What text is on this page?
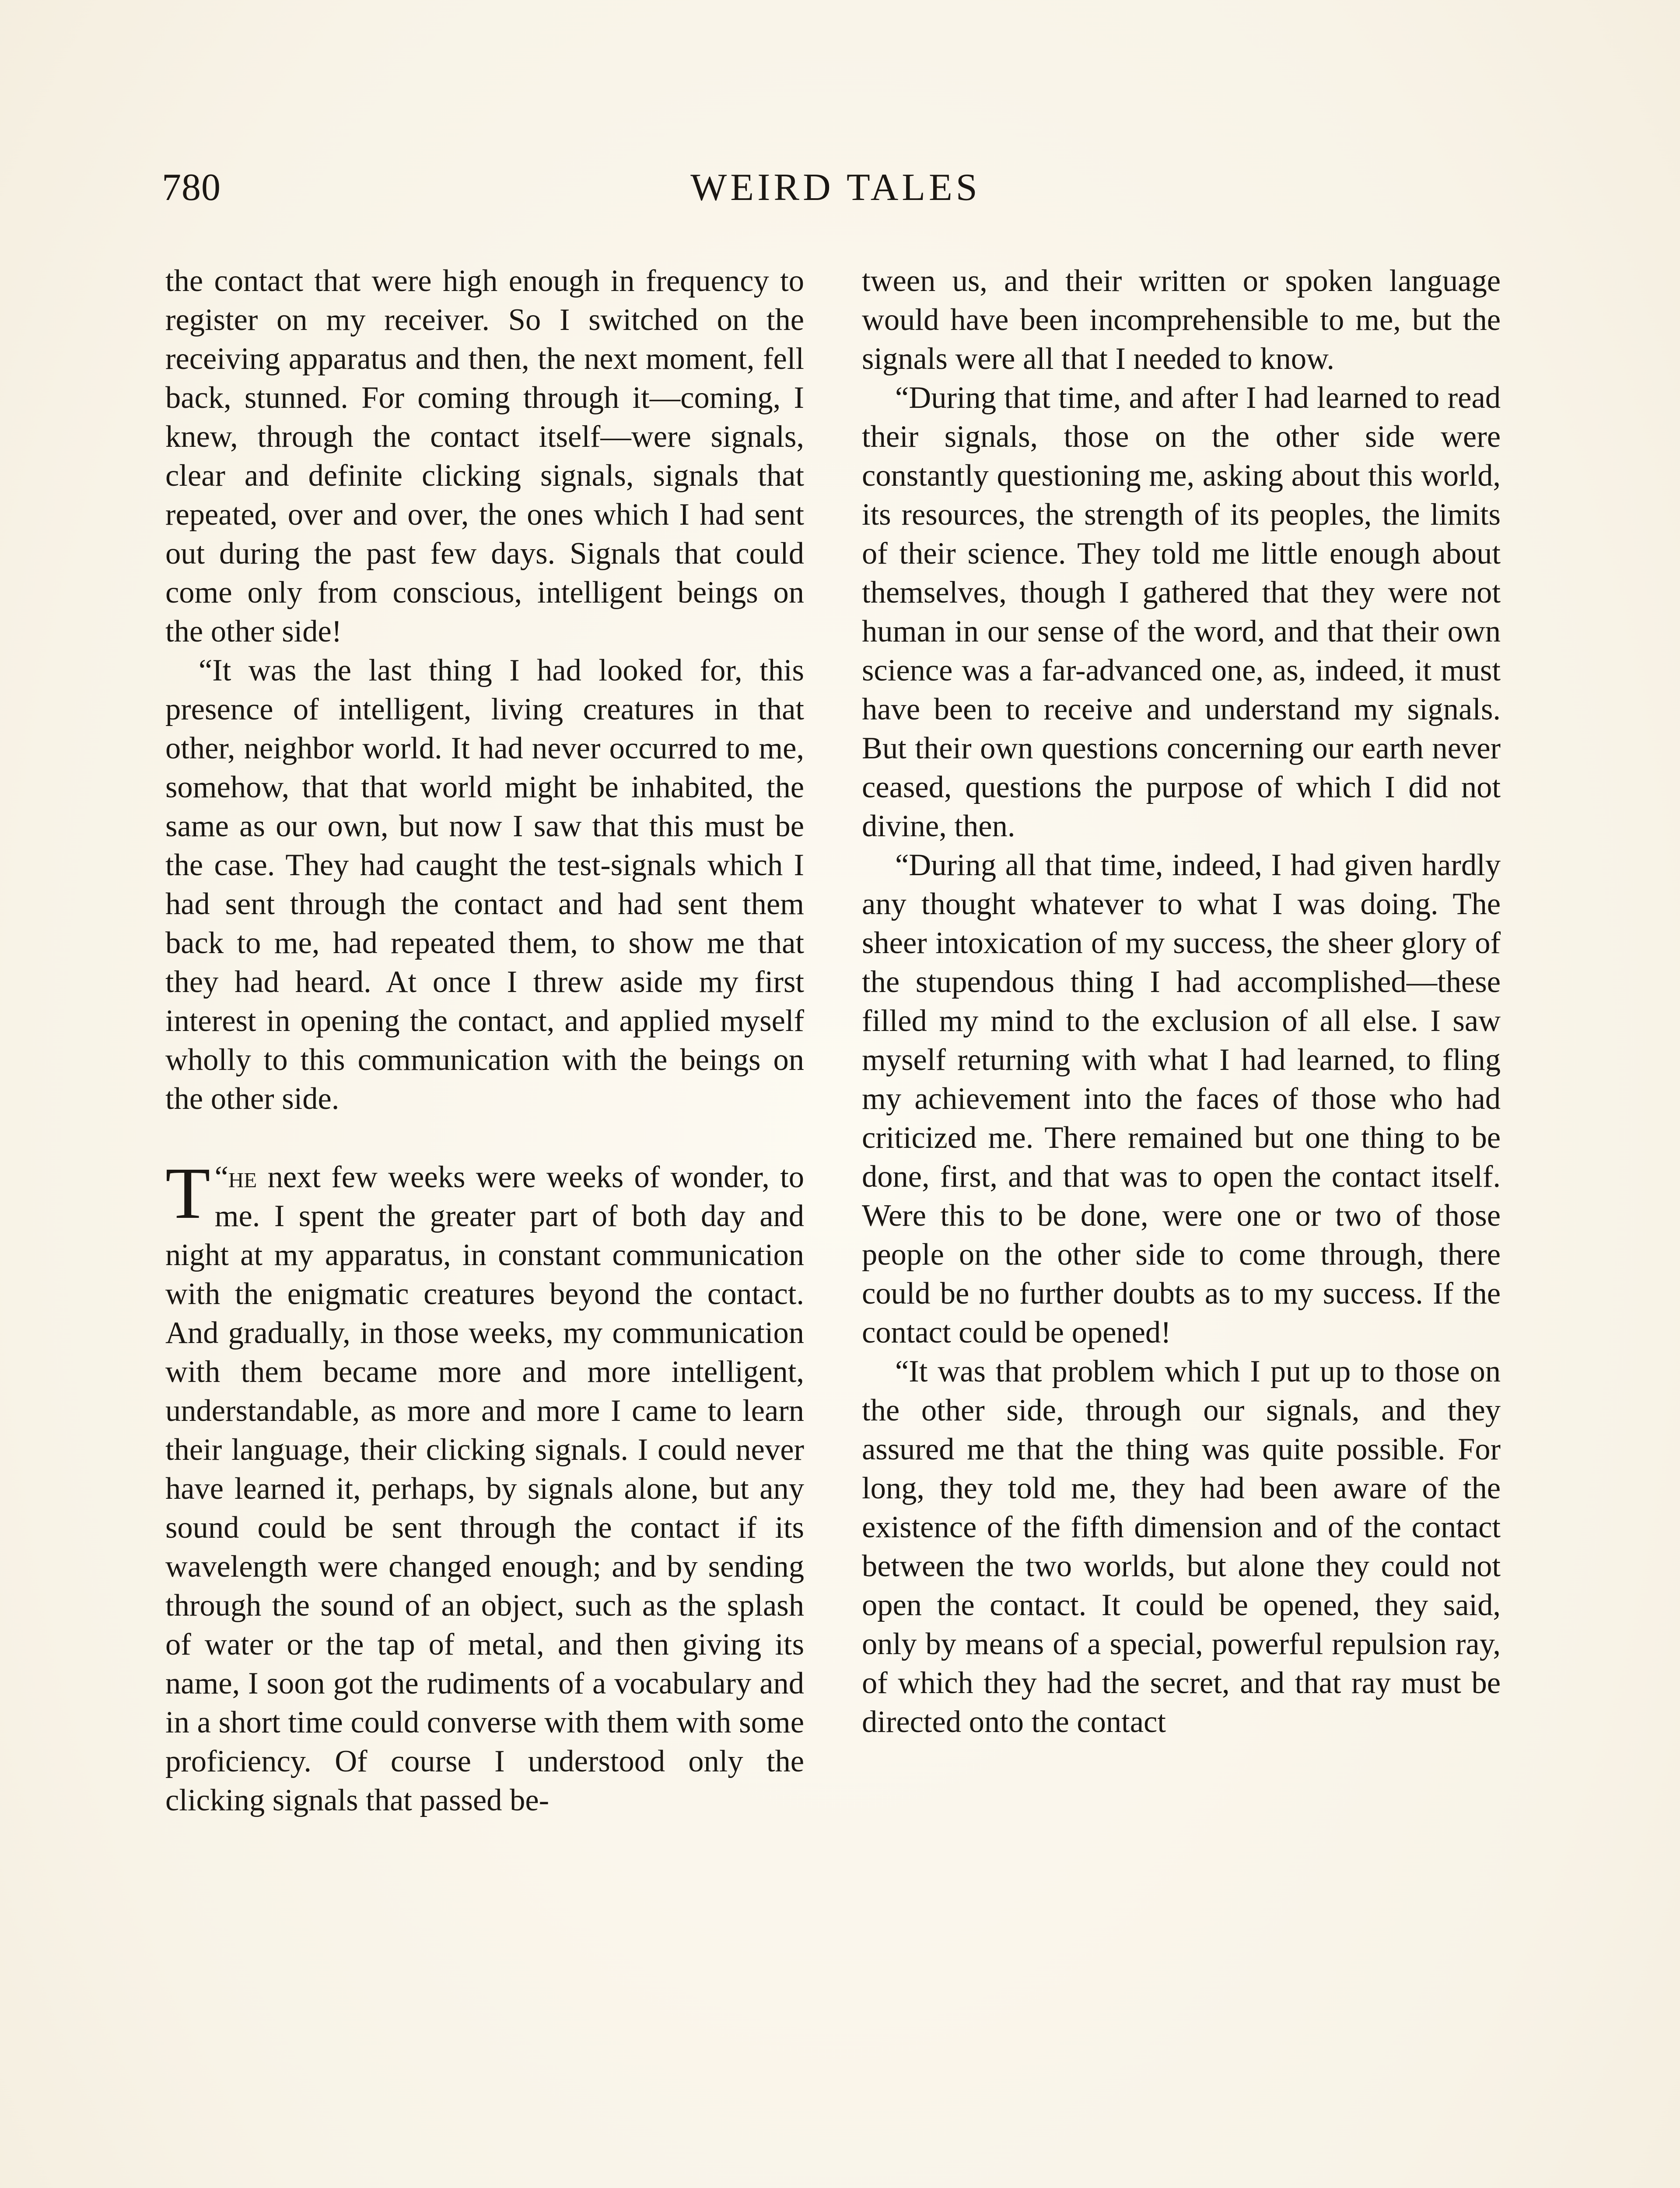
780	WEIRD TALES

the contact that were high enough in frequency to register on my receiver. So I switched on the receiving apparatus and then, the next moment, fell back, stunned. For coming through it—coming, I knew, through the contact itself—were signals, clear and definite clicking signals, signals that repeated, over and over, the ones which I had sent out during the past few days. Signals that could come only from conscious, intelligent beings on the other side!

“It was the last thing I had looked for, this presence of intelligent, living creatures in that other, neighbor world. It had never occurred to me, somehow, that that world might be inhabited, the same as our own, but now I saw that this must be the case. They had caught the test-signals which I had sent through the contact and had sent them back to me, had repeated them, to show me that they had heard. At once I threw aside my first interest in opening the contact, and applied myself wholly to this communication with the beings on the other side.

“
T he next few weeks were weeks of wonder, to me. I spent the greater part of both day and night at my apparatus, in constant communication with the enigmatic creatures beyond the contact. And gradually, in those weeks, my communication with them became more and more intelligent, understandable, as more and more I came to learn their language, their clicking signals. I could never have learned it, perhaps, by signals alone, but any sound could be sent through the contact if its wavelength were changed enough; and by sending through the sound of an object, such as the splash of water or the tap of metal, and then giving its name, I soon got the rudiments of a vocabulary and in a short time could converse with them with some proficiency. Of course I understood only the clicking signals that passed be-

tween us, and their written or spoken language would have been incomprehensible to me, but the signals were all that I needed to know.

“During that time, and after I had learned to read their signals, those on the other side were constantly questioning me, asking about this world, its resources, the strength of its peoples, the limits of their science. They told me little enough about themselves, though I gathered that they were not human in our sense of the word, and that their own science was a far-advanced one, as, indeed, it must have been to receive and understand my signals. But their own questions concerning our earth never ceased, questions the purpose of which I did not divine, then.

“During all that time, indeed, I had given hardly any thought whatever to what I was doing. The sheer intoxication of my success, the sheer glory of the stupendous thing I had accomplished—these filled my mind to the exclusion of all else. I saw myself returning with what I had learned, to fling my achievement into the faces of those who had criticized me. There remained but one thing to be done, first, and that was to open the contact itself. Were this to be done, were one or two of those people on the other side to come through, there could be no further doubts as to my success. If the contact could be opened!

“It was that problem which I put up to those on the other side, through our signals, and they assured me that the thing was quite possible. For long, they told me, they had been aware of the existence of the fifth dimension and of the contact between the two worlds, but alone they could not open the contact. It could be opened, they said, only by means of a special, powerful repulsion ray, of which they had the secret, and that ray must be directed onto the contact
